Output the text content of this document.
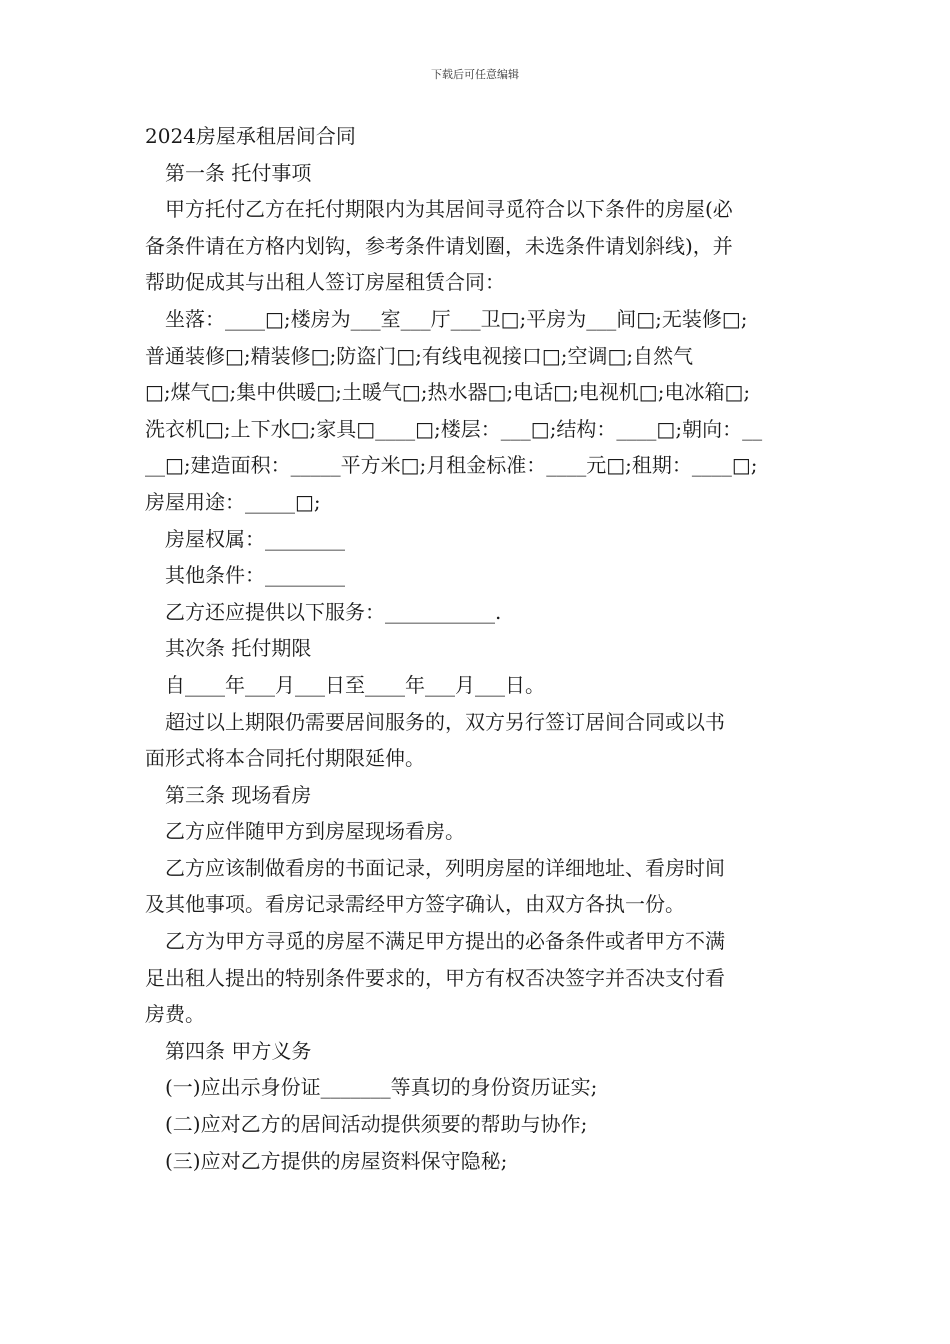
下载后可任意编辑
2024房屋承租居间合同
第一条 托付事项
甲方托付乙方在托付期限内为其居间寻觅符合以下条件的房屋(必
备条件请在方格内划钩，参考条件请划圈，未选条件请划斜线)，并
帮助促成其与出租人签订房屋租赁合同：
坐落：____□;楼房为___室___厅___卫□;平房为___间□;无装修□;
普通装修□;精装修□;防盗门□;有线电视接口□;空调□;自然气
□;煤气□;集中供暖□;土暖气□;热水器□;电话□;电视机□;电冰箱□;
洗衣机□;上下水□;家具□____□;楼层：___□;结构：____□;朝向：__
__□;建造面积：_____平方米□;月租金标准：____元□;租期：____□;
房屋用途：_____□;
房屋权属：________
其他条件：________
乙方还应提供以下服务：___________.
其次条 托付期限
自____年___月___日至____年___月___日。
超过以上期限仍需要居间服务的，双方另行签订居间合同或以书
面形式将本合同托付期限延伸。
第三条 现场看房
乙方应伴随甲方到房屋现场看房。
乙方应该制做看房的书面记录，列明房屋的详细地址、看房时间
及其他事项。看房记录需经甲方签字确认，由双方各执一份。
乙方为甲方寻觅的房屋不满足甲方提出的必备条件或者甲方不满
足出租人提出的特别条件要求的，甲方有权否决签字并否决支付看
房费。
第四条 甲方义务
(一)应出示身份证_______等真切的身份资历证实;
(二)应对乙方的居间活动提供须要的帮助与协作;
(三)应对乙方提供的房屋资料保守隐秘;
